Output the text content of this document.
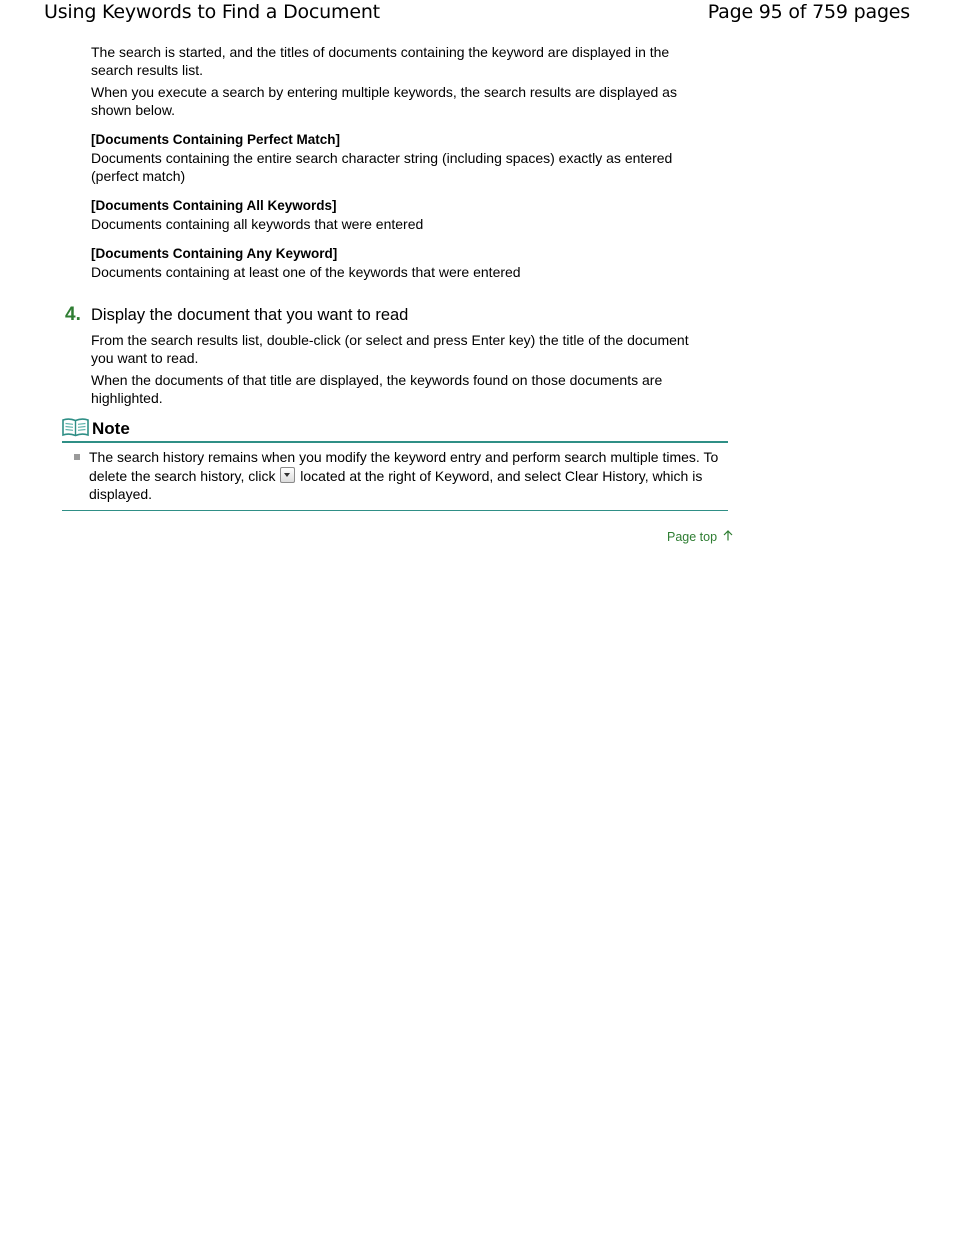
Using Keywords to Find a Document	Page 95 of 759 pages

The search is started, and the titles of documents containing the keyword are displayed in the search results list.

When you execute a search by entering multiple keywords, the search results are displayed as shown below.

[Documents Containing Perfect Match]

Documents containing the entire search character string (including spaces) exactly as entered (perfect match)

[Documents Containing All Keywords]

Documents containing all keywords that were entered

[Documents Containing Any Keyword]

Documents containing at least one of the keywords that were entered

4. Display the document that you want to read

From the search results list, double-click (or select and press Enter key) the title of the document you want to read.

When the documents of that title are displayed, the keywords found on those documents are highlighted.

Note
The search history remains when you modify the keyword entry and perform search multiple times. To delete the search history, click located at the right of Keyword, and select Clear History, which is displayed.
Page top
